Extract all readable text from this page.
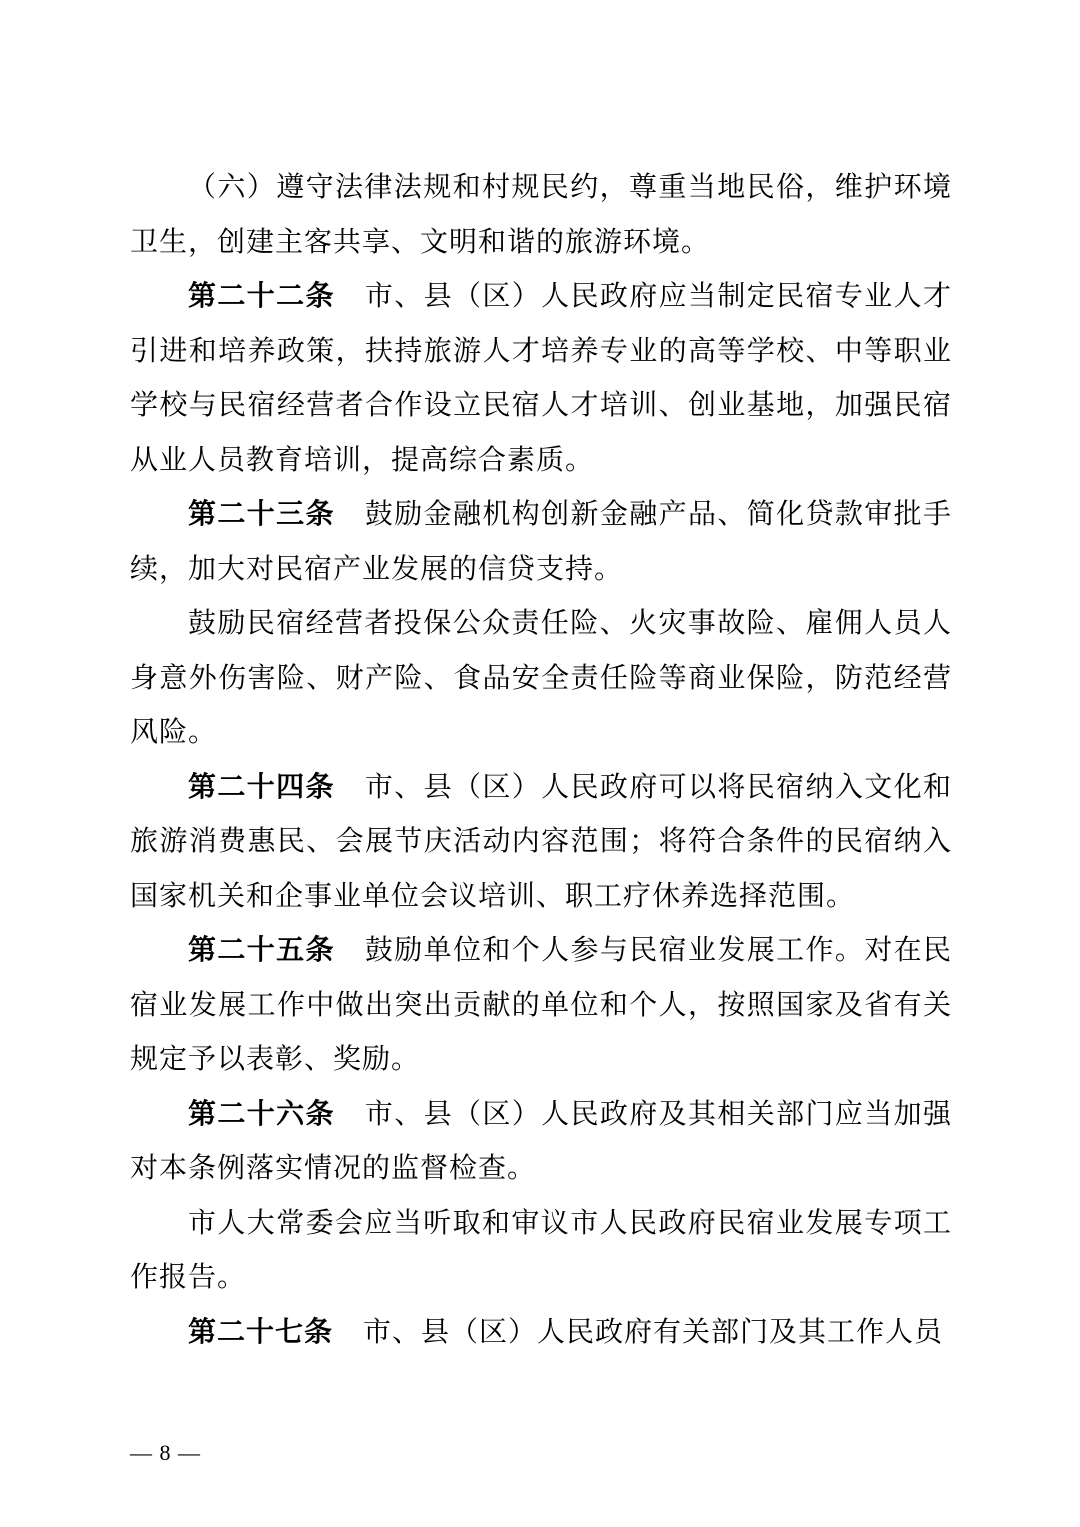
（六）遵守法律法规和村规民约，尊重当地民俗，维护环境卫生，创建主客共享、文明和谐的旅游环境。

第二十二条 市、县（区）人民政府应当制定民宿专业人才引进和培养政策，扶持旅游人才培养专业的高等学校、中等职业学校与民宿经营者合作设立民宿人才培训、创业基地，加强民宿从业人员教育培训，提高综合素质。

第二十三条 鼓励金融机构创新金融产品、简化贷款审批手续，加大对民宿产业发展的信贷支持。

鼓励民宿经营者投保公众责任险、火灾事故险、雇佣人员人身意外伤害险、财产险、食品安全责任险等商业保险，防范经营风险。

第二十四条 市、县（区）人民政府可以将民宿纳入文化和旅游消费惠民、会展节庆活动内容范围；将符合条件的民宿纳入国家机关和企事业单位会议培训、职工疗休养选择范围。

第二十五条 鼓励单位和个人参与民宿业发展工作。对在民宿业发展工作中做出突出贡献的单位和个人，按照国家及省有关规定予以表彰、奖励。

第二十六条 市、县（区）人民政府及其相关部门应当加强对本条例落实情况的监督检查。

市人大常委会应当听取和审议市人民政府民宿业发展专项工作报告。

第二十七条 市、县（区）人民政府有关部门及其工作人员

— 8 —
